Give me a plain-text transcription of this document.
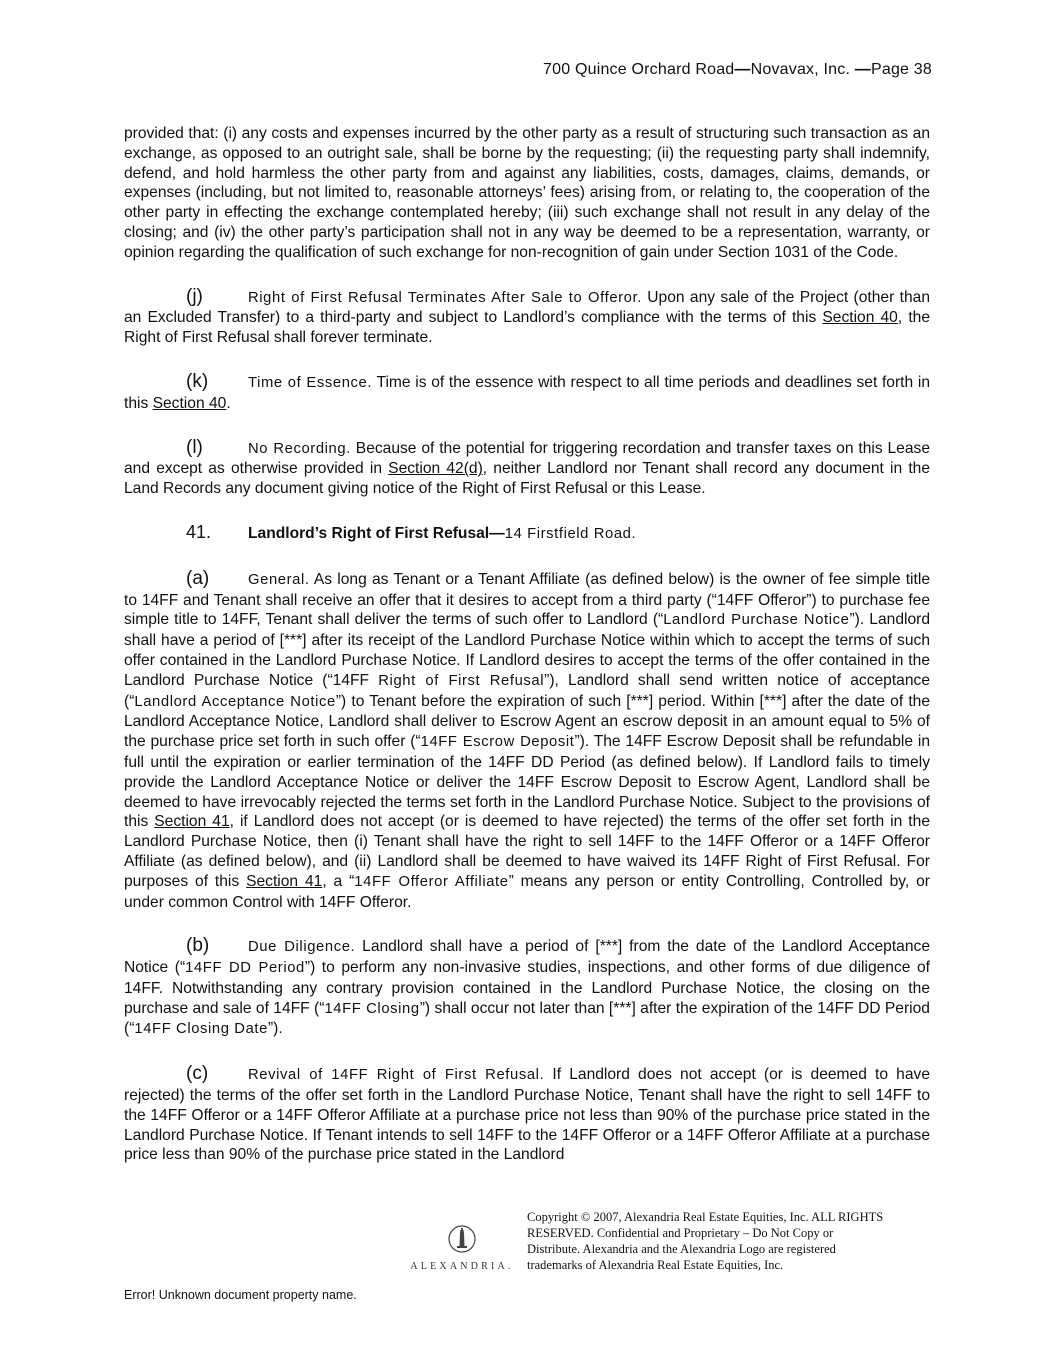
700 Quince Orchard Road—Novavax, Inc. —Page 38

provided that: (i) any costs and expenses incurred by the other party as a result of structuring such transaction as an exchange, as opposed to an outright sale, shall be borne by the requesting; (ii) the requesting party shall indemnify, defend, and hold harmless the other party from and against any liabilities, costs, damages, claims, demands, or expenses (including, but not limited to, reasonable attorneys’ fees) arising from, or relating to, the cooperation of the other party in effecting the exchange contemplated hereby; (iii) such exchange shall not result in any delay of the closing; and (iv) the other party’s participation shall not in any way be deemed to be a representation, warranty, or opinion regarding the qualification of such exchange for non-recognition of gain under Section 1031 of the Code.

(j)	Right of First Refusal Terminates After Sale to Offeror. Upon any sale of the Project (other than an Excluded Transfer) to a third-party and subject to Landlord’s compliance with the terms of this Section 40, the Right of First Refusal shall forever terminate.

(k)	Time of Essence. Time is of the essence with respect to all time periods and deadlines set forth in this Section 40.

(l)	No Recording. Because of the potential for triggering recordation and transfer taxes on this Lease and except as otherwise provided in Section 42(d), neither Landlord nor Tenant shall record any document in the Land Records any document giving notice of the Right of First Refusal or this Lease.

41. Landlord’s Right of First Refusal—14 Firstfield Road.

(a)	General. As long as Tenant or a Tenant Affiliate (as defined below) is the owner of fee simple title to 14FF and Tenant shall receive an offer that it desires to accept from a third party (“14FF Offeror”) to purchase fee simple title to 14FF, Tenant shall deliver the terms of such offer to Landlord (“Landlord Purchase Notice”). Landlord shall have a period of [***] after its receipt of the Landlord Purchase Notice within which to accept the terms of such offer contained in the Landlord Purchase Notice. If Landlord desires to accept the terms of the offer contained in the Landlord Purchase Notice (“14FF Right of First Refusal”), Landlord shall send written notice of acceptance (“Landlord Acceptance Notice”) to Tenant before the expiration of such [***] period. Within [***] after the date of the Landlord Acceptance Notice, Landlord shall deliver to Escrow Agent an escrow deposit in an amount equal to 5% of the purchase price set forth in such offer (“14FF Escrow Deposit”). The 14FF Escrow Deposit shall be refundable in full until the expiration or earlier termination of the 14FF DD Period (as defined below). If Landlord fails to timely provide the Landlord Acceptance Notice or deliver the 14FF Escrow Deposit to Escrow Agent, Landlord shall be deemed to have irrevocably rejected the terms set forth in the Landlord Purchase Notice. Subject to the provisions of this Section 41, if Landlord does not accept (or is deemed to have rejected) the terms of the offer set forth in the Landlord Purchase Notice, then (i) Tenant shall have the right to sell 14FF to the 14FF Offeror or a 14FF Offeror Affiliate (as defined below), and (ii) Landlord shall be deemed to have waived its 14FF Right of First Refusal. For purposes of this Section 41, a “14FF Offeror Affiliate” means any person or entity Controlling, Controlled by, or under common Control with 14FF Offeror.

(b)	Due Diligence. Landlord shall have a period of [***] from the date of the Landlord Acceptance Notice (“14FF DD Period”) to perform any non-invasive studies, inspections, and other forms of due diligence of 14FF. Notwithstanding any contrary provision contained in the Landlord Purchase Notice, the closing on the purchase and sale of 14FF (“14FF Closing”) shall occur not later than [***] after the expiration of the 14FF DD Period (“14FF Closing Date”).

(c)	Revival of 14FF Right of First Refusal. If Landlord does not accept (or is deemed to have rejected) the terms of the offer set forth in the Landlord Purchase Notice, Tenant shall have the right to sell 14FF to the 14FF Offeror or a 14FF Offeror Affiliate at a purchase price not less than 90% of the purchase price stated in the Landlord Purchase Notice. If Tenant intends to sell 14FF to the 14FF Offeror or a 14FF Offeror Affiliate at a purchase price less than 90% of the purchase price stated in the Landlord

ALEXANDRIA.
Copyright © 2007, Alexandria Real Estate Equities, Inc. ALL RIGHTS RESERVED. Confidential and Proprietary – Do Not Copy or Distribute. Alexandria and the Alexandria Logo are registered trademarks of Alexandria Real Estate Equities, Inc.
Error! Unknown document property name.
